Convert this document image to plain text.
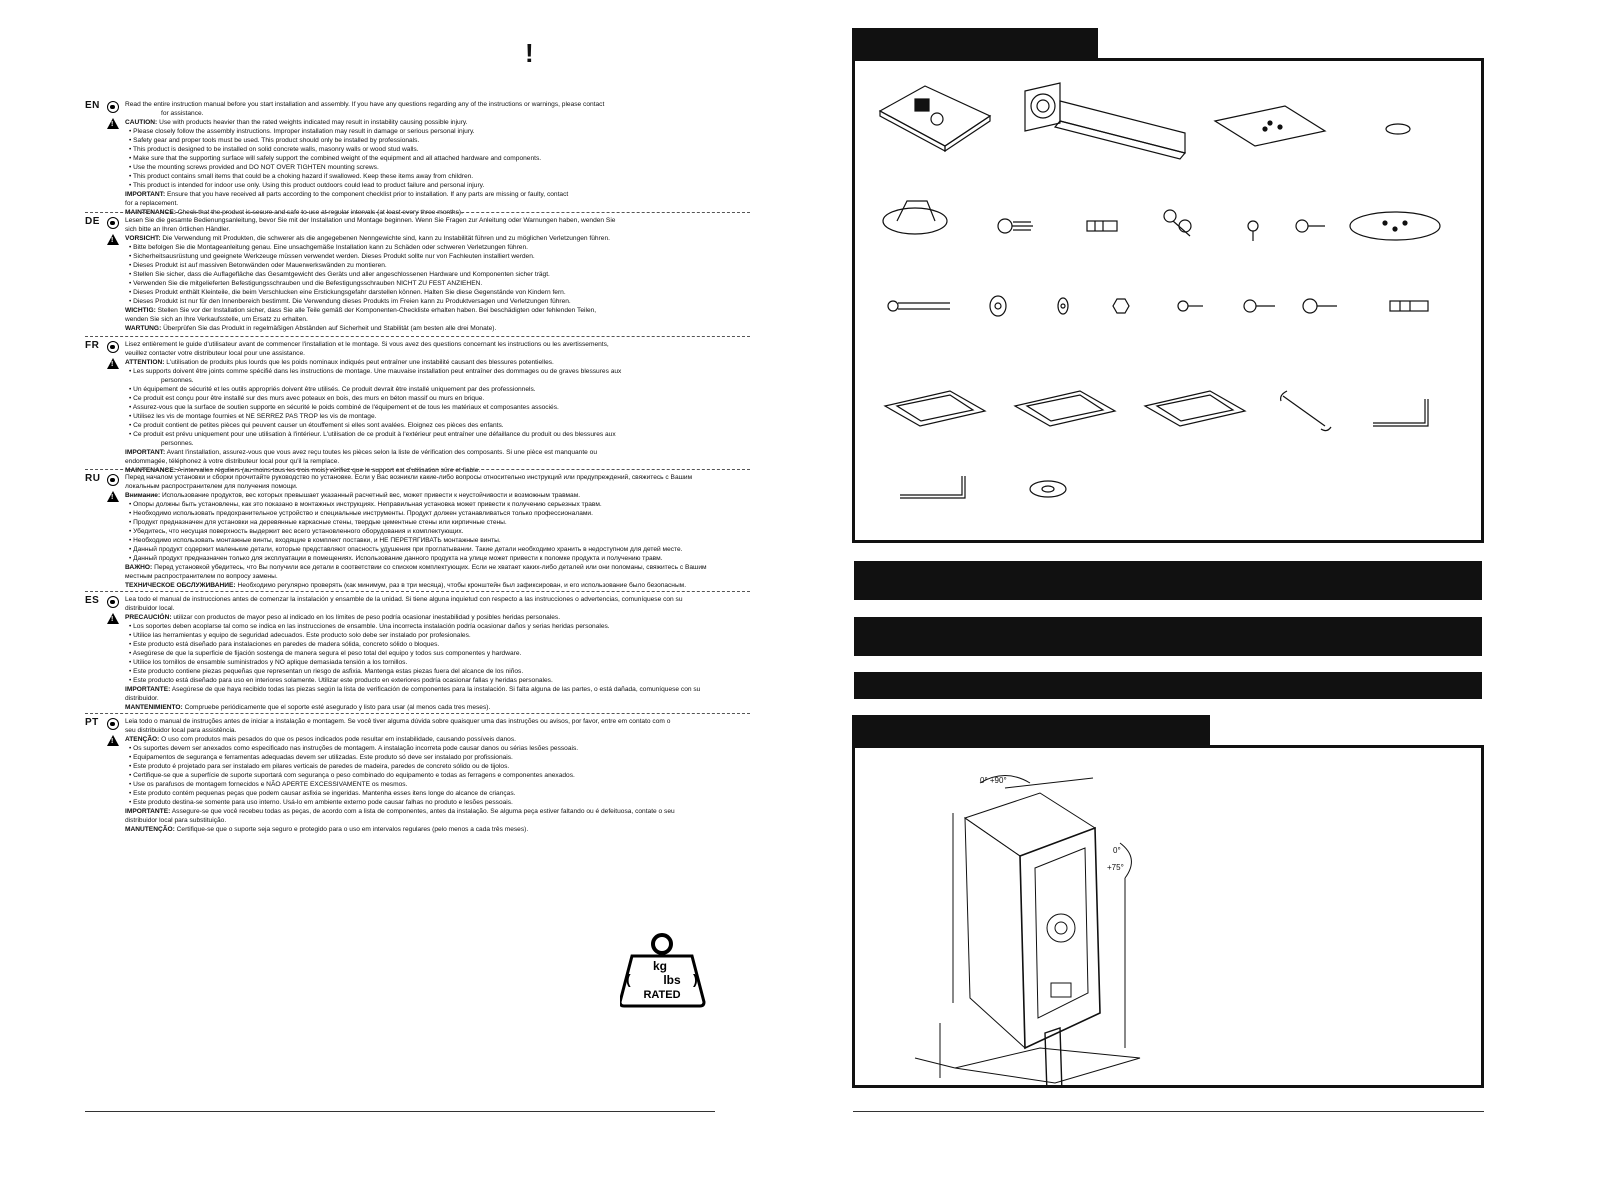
!
EN
!	Read the entire instruction manual before you start installation and assembly. If you have any questions regarding any of the instructions or warnings, please contact

for assistance.

CAUTION: Use with products heavier than the rated weights indicated may result in instability causing possible injury.

• Please closely follow the assembly instructions. Improper installation may result in damage or serious personal injury.

• Safety gear and proper tools must be used. This product should only be installed by professionals.

• This product is designed to be installed on solid concrete walls, masonry walls or wood stud walls.

• Make sure that the supporting surface will safely support the combined weight of the equipment and all attached hardware and components.

• Use the mounting screws provided and DO NOT OVER TIGHTEN mounting screws.

• This product contains small items that could be a choking hazard if swallowed. Keep these items away from children.

• This product is intended for indoor use only. Using this product outdoors could lead to product failure and personal injury.

IMPORTANT: Ensure that you have received all parts according to the component checklist prior to installation. If any parts are missing or faulty, contact

for a replacement.

MAINTENANCE: Check that the product is secure and safe to use at regular intervals (at least every three months).

DE
!	Lesen Sie die gesamte Bedienungsanleitung, bevor Sie mit der Installation und Montage beginnen. Wenn Sie Fragen zur Anleitung oder Warnungen haben, wenden Sie

sich bitte an Ihren örtlichen Händler.

VORSICHT: Die Verwendung mit Produkten, die schwerer als die angegebenen Nenngewichte sind, kann zu Instabilität führen und zu möglichen Verletzungen führen.

• Bitte befolgen Sie die Montageanleitung genau. Eine unsachgemäße Installation kann zu Schäden oder schweren Verletzungen führen.

• Sicherheitsausrüstung und geeignete Werkzeuge müssen verwendet werden. Dieses Produkt sollte nur von Fachleuten installiert werden.

• Dieses Produkt ist auf massiven Betonwänden oder Mauerwerkswänden zu montieren.

• Stellen Sie sicher, dass die Auflagefläche das Gesamtgewicht des Geräts und aller angeschlossenen Hardware und Komponenten sicher trägt.

• Verwenden Sie die mitgelieferten Befestigungsschrauben und die Befestigungsschrauben NICHT ZU FEST ANZIEHEN.

• Dieses Produkt enthält Kleinteile, die beim Verschlucken eine Erstickungsgefahr darstellen können. Halten Sie diese Gegenstände von Kindern fern.

• Dieses Produkt ist nur für den Innenbereich bestimmt. Die Verwendung dieses Produkts im Freien kann zu Produktversagen und Verletzungen führen.

WICHTIG: Stellen Sie vor der Installation sicher, dass Sie alle Teile gemäß der Komponenten-Checkliste erhalten haben. Bei beschädigten oder fehlenden Teilen,

wenden Sie sich an Ihre Verkaufsstelle, um Ersatz zu erhalten.

WARTUNG: Überprüfen Sie das Produkt in regelmäßigen Abständen auf Sicherheit und Stabilität (am besten alle drei Monate).

FR
!	Lisez entièrement le guide d'utilisateur avant de commencer l'installation et le montage. Si vous avez des questions concernant les instructions ou les avertissements,

veuillez contacter votre distributeur local pour une assistance.

ATTENTION: L'utilisation de produits plus lourds que les poids nominaux indiqués peut entraîner une instabilité causant des blessures potentielles.

• Les supports doivent être joints comme spécifié dans les instructions de montage. Une mauvaise installation peut entraîner des dommages ou de graves blessures aux

personnes.

• Un équipement de sécurité et les outils appropriés doivent être utilisés. Ce produit devrait être installé uniquement par des professionnels.

• Ce produit est conçu pour être installé sur des murs avec poteaux en bois, des murs en béton massif ou murs en brique.

• Assurez-vous que la surface de soutien supporte en sécurité le poids combiné de l'équipement et de tous les matériaux et composantes associés.

• Utilisez les vis de montage fournies et NE SERREZ PAS TROP les vis de montage.

• Ce produit contient de petites pièces qui peuvent causer un étouffement si elles sont avalées. Eloignez ces pièces des enfants.

• Ce produit est prévu uniquement pour une utilisation à l'intérieur. L'utilisation de ce produit à l'extérieur peut entraîner une défaillance du produit ou des blessures aux

personnes.

IMPORTANT: Avant l'installation, assurez-vous que vous avez reçu toutes les pièces selon la liste de vérification des composants. Si une pièce est manquante ou

endommagée, téléphonez à votre distributeur local pour qu'il la remplace.

MAINTENANCE: A intervalles réguliers (au moins tous les trois mois) vérifiez que le support est d'utilisation sûre et fiable.

RU
!	Перед началом установки и сборки прочитайте руководство по установке. Если у Вас возникли какие-либо вопросы относительно инструкций или предупреждений, свяжитесь с Вашим

локальным распространителем для получения помощи.

Внимание: Использование продуктов, вес которых превышает указанный расчетный вес, может привести к неустойчивости и возможным травмам.

• Опоры должны быть установлены, как это показано в монтажных инструкциях. Неправильная установка может привести к получению серьезных травм.

• Необходимо использовать предохранительное устройство и специальные инструменты. Продукт должен устанавливаться только профессионалами.

• Продукт предназначен для установки на деревянные каркасные стены, твердые цементные стены или кирпичные стены.

• Убедитесь, что несущая поверхность выдержит вес всего установленного оборудования и комплектующих.

• Необходимо использовать монтажные винты, входящие в комплект поставки, и НЕ ПЕРЕТЯГИВАТЬ монтажные винты.

• Данный продукт содержит маленькие детали, которые представляют опасность удушения при проглатывании. Такие детали необходимо хранить в недоступном для детей месте.

• Данный продукт предназначен только для эксплуатации в помещениях. Использование данного продукта на улице может привести к поломке продукта и получению травм.

ВАЖНО: Перед установкой убедитесь, что Вы получили все детали в соответствии со списком комплектующих. Если не хватает каких-либо деталей или они поломаны, свяжитесь с Вашим

местным распространителем по вопросу замены.

ТЕХНИЧЕСКОЕ ОБСЛУЖИВАНИЕ: Необходимо регулярно проверять (как минимум, раз в три месяца), чтобы кронштейн был зафиксирован, и его использование было безопасным.

ES
!	Lea todo el manual de instrucciones antes de comenzar la instalación y ensamble de la unidad. Si tiene alguna inquietud con respecto a las instrucciones o advertencias, comuníquese con su

distribuidor local.

PRECAUCIÓN: utilizar con productos de mayor peso al indicado en los límites de peso podría ocasionar inestabilidad y posibles heridas personales.

• Los soportes deben acoplarse tal como se indica en las instrucciones de ensamble. Una incorrecta instalación podría ocasionar daños y serias heridas personales.

• Utilice las herramientas y equipo de seguridad adecuados. Este producto solo debe ser instalado por profesionales.

• Este producto está diseñado para instalaciones en paredes de madera sólida, concreto sólido o bloques.

• Asegúrese de que la superficie de fijación sostenga de manera segura el peso total del equipo y todos sus componentes y hardware.

• Utilice los tornillos de ensamble suministrados y NO aplique demasiada tensión a los tornillos.

• Este producto contiene piezas pequeñas que representan un riesgo de asfixia. Mantenga estas piezas fuera del alcance de los niños.

• Este producto está diseñado para uso en interiores solamente. Utilizar este producto en exteriores podría ocasionar fallas y heridas personales.

IMPORTANTE: Asegúrese de que haya recibido todas las piezas según la lista de verificación de componentes para la instalación. Si falta alguna de las partes, o está dañada, comuníquese con su

distribuidor.

MANTENIMIENTO: Compruebe periódicamente que el soporte esté asegurado y listo para usar (al menos cada tres meses).

PT
!	Leia todo o manual de instruções antes de iniciar a instalação e montagem. Se você tiver alguma dúvida sobre quaisquer uma das instruções ou avisos, por favor, entre em contato com o

seu distribuidor local para assistência.

ATENÇÃO: O uso com produtos mais pesados do que os pesos indicados pode resultar em instabilidade, causando possíveis danos.

• Os suportes devem ser anexados como especificado nas instruções de montagem. A instalação incorreta pode causar danos ou sérias lesões pessoais.

• Equipamentos de segurança e ferramentas adequadas devem ser utilizadas. Este produto só deve ser instalado por profissionais.

• Este produto é projetado para ser instalado em pilares verticais de paredes de madeira, paredes de concreto sólido ou de tijolos.

• Certifique-se que a superfície de suporte suportará com segurança o peso combinado do equipamento e todas as ferragens e componentes anexados.

• Use os parafusos de montagem fornecidos e NÃO APERTE EXCESSIVAMENTE os mesmos.

• Este produto contém pequenas peças que podem causar asfixia se ingeridas. Mantenha esses itens longe do alcance de crianças.

• Este produto destina-se somente para uso interno. Usá-lo em ambiente externo pode causar falhas no produto e lesões pessoais.

IMPORTANTE: Assegure-se que você recebeu todas as peças, de acordo com a lista de componentes, antes da instalação. Se alguma peça estiver faltando ou é defeituosa, contate o seu

distribuidor local para substituição.

MANUTENÇÃO: Certifique-se que o suporte seja seguro e protegido para o uso em intervalos regulares (pelo menos a cada três meses).

kg
(	lbs )
RATED
0° +90°
0°
+75°
